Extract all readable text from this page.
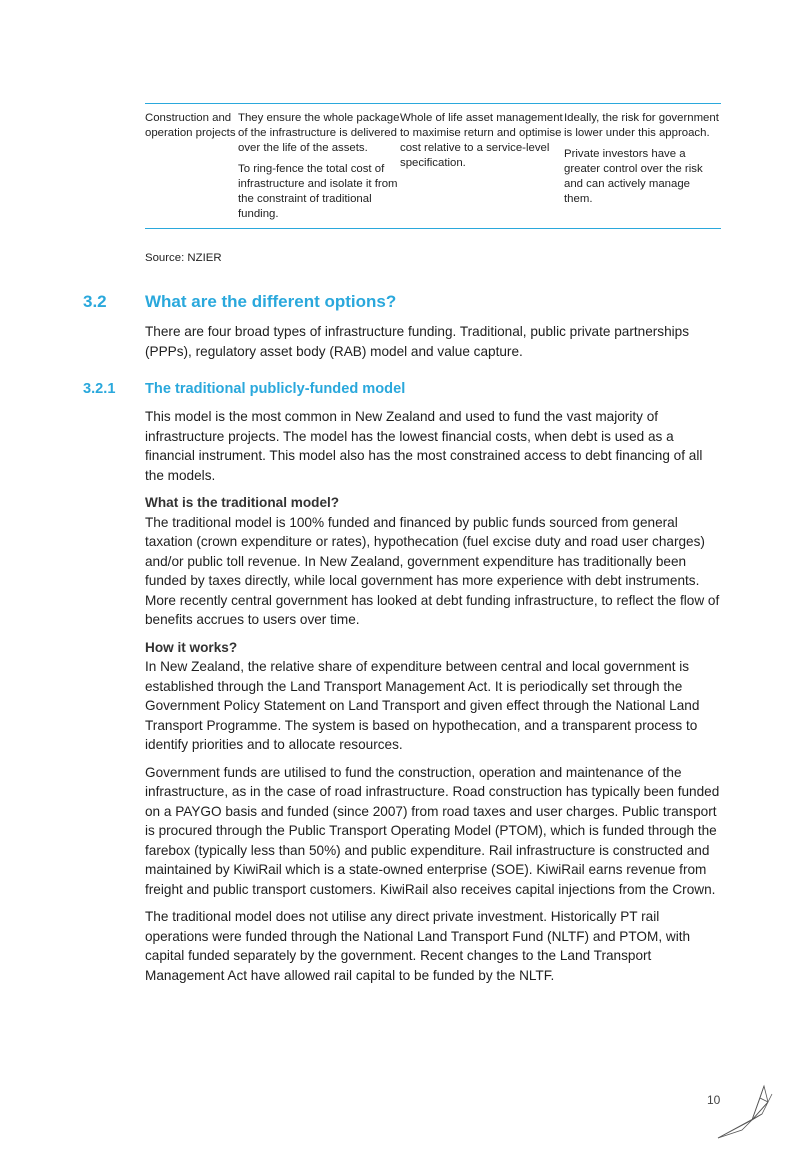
Construction and operation projects

They ensure the whole package of the infrastructure is delivered over the life of the assets.

To ring-fence the total cost of infrastructure and isolate it from the constraint of traditional funding.

Whole of life asset management to maximise return and optimise cost relative to a service-level specification.

Ideally, the risk for government is lower under this approach.

Private investors have a greater control over the risk and can actively manage them.

Source: NZIER
3.2 What are the different options?

There are four broad types of infrastructure funding. Traditional, public private partnerships (PPPs), regulatory asset body (RAB) model and value capture.

3.2.1 The traditional publicly-funded model

This model is the most common in New Zealand and used to fund the vast majority of infrastructure projects. The model has the lowest financial costs, when debt is used as a financial instrument. This model also has the most constrained access to debt financing of all the models.

What is the traditional model?

The traditional model is 100% funded and financed by public funds sourced from general taxation (crown expenditure or rates), hypothecation (fuel excise duty and road user charges) and/or public toll revenue. In New Zealand, government expenditure has traditionally been funded by taxes directly, while local government has more experience with debt instruments. More recently central government has looked at debt funding infrastructure, to reflect the flow of benefits accrues to users over time.

How it works?

In New Zealand, the relative share of expenditure between central and local government is established through the Land Transport Management Act. It is periodically set through the Government Policy Statement on Land Transport and given effect through the National Land Transport Programme. The system is based on hypothecation, and a transparent process to identify priorities and to allocate resources.

Government funds are utilised to fund the construction, operation and maintenance of the infrastructure, as in the case of road infrastructure. Road construction has typically been funded on a PAYGO basis and funded (since 2007) from road taxes and user charges. Public transport is procured through the Public Transport Operating Model (PTOM), which is funded through the farebox (typically less than 50%) and public expenditure. Rail infrastructure is constructed and maintained by KiwiRail which is a state-owned enterprise (SOE). KiwiRail earns revenue from freight and public transport customers. KiwiRail also receives capital injections from the Crown.

The traditional model does not utilise any direct private investment. Historically PT rail operations were funded through the National Land Transport Fund (NLTF) and PTOM, with capital funded separately by the government. Recent changes to the Land Transport Management Act have allowed rail capital to be funded by the NLTF.

10
